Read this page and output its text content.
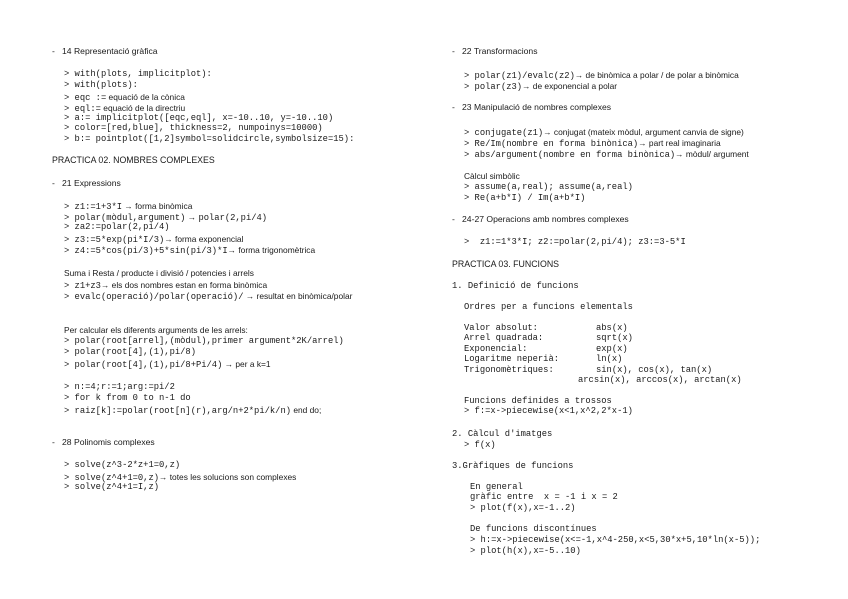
-   14 Representació gràfica
> with(plots, implicitplot):
> with(plots):
> eqc := equació de la cònica
> eql:= equació de la directriu
> a:= implicitplot([eqc,eql], x=-10..10, y=-10..10)
> color=[red,blue], thickness=2, numpoinys=10000)
> b:= pointplot([1,2]symbol=solidcircle,symbolsize=15):
PRACTICA 02. NOMBRES COMPLEXES
-   21 Expressions
> z1:=1+3*I → forma binòmica
> polar(mòdul,argument) → polar(2,pi/4)
> za2:=polar(2,pi/4)
> z3:=5*exp(pi*I/3)→ forma exponencial
> z4:=5*cos(pi/3)+5*sin(pi/3)*I→ forma trigonomètrica
Suma i Resta / producte i divisió / potencies i arrels
> z1+z3→ els dos nombres estan en forma binòmica
> evalc(operació)/polar(operació)/ → resultat en binòmica/polar
Per calcular els diferents arguments de les arrels:
> polar(root[arrel],(mòdul),primer argument*2K/arrel)
> polar(root[4],(1),pi/8)
> polar(root[4],(1),pi/8+Pi/4) → per a k=1
> n:=4;r:=1;arg:=pi/2
> for k from 0 to n-1 do
> raiz[k]:=polar(root[n](r),arg/n+2*pi/k/n) end do;
-   28 Polinomis complexes
> solve(z^3-2*z+1=0,z)
> solve(z^4+1=0,z)→ totes les solucions son complexes
> solve(z^4+1=I,z)
-   22 Transformacions
> polar(z1)/evalc(z2)→ de binòmica a polar / de polar a binòmica
> polar(z3)→ de exponencial a polar
-   23 Manipulació de nombres complexes
> conjugate(z1)→ conjugat (mateix mòdul, argument canvia de signe)
> Re/Im(nombre en forma binònica)→ part real imaginaria
> abs/argument(nombre en forma binònica)→ mòdul/ argument
Càlcul simbòlic
> assume(a,real); assume(a,real)
> Re(a+b*I) / Im(a+b*I)
-   24-27 Operacions amb nombres complexes
>  z1:=1*3*I; z2:=polar(2,pi/4); z3:=3-5*I
PRACTICA 03. FUNCIONS
1. Definició de funcions
Ordres per a funcions elementals
Valor absolut:	abs(x)
Arrel quadrada:	sqrt(x)
Exponencial:	exp(x)
Logaritme neperià:	ln(x)
Trigonomètriques:	sin(x), cos(x), tan(x)
arcsin(x), arccos(x), arctan(x)
Funcions definides a trossos
> f:=x->piecewise(x<1,x^2,2*x-1)
2. Càlcul d'imatges
> f(x)
3.Gràfiques de funcions
En general
gràfic entre  x = -1 i x = 2
> plot(f(x),x=-1..2)
De funcions discontínues
> h:=x->piecewise(x<=-1,x^4-250,x<5,30*x+5,10*ln(x-5));
> plot(h(x),x=-5..10)
